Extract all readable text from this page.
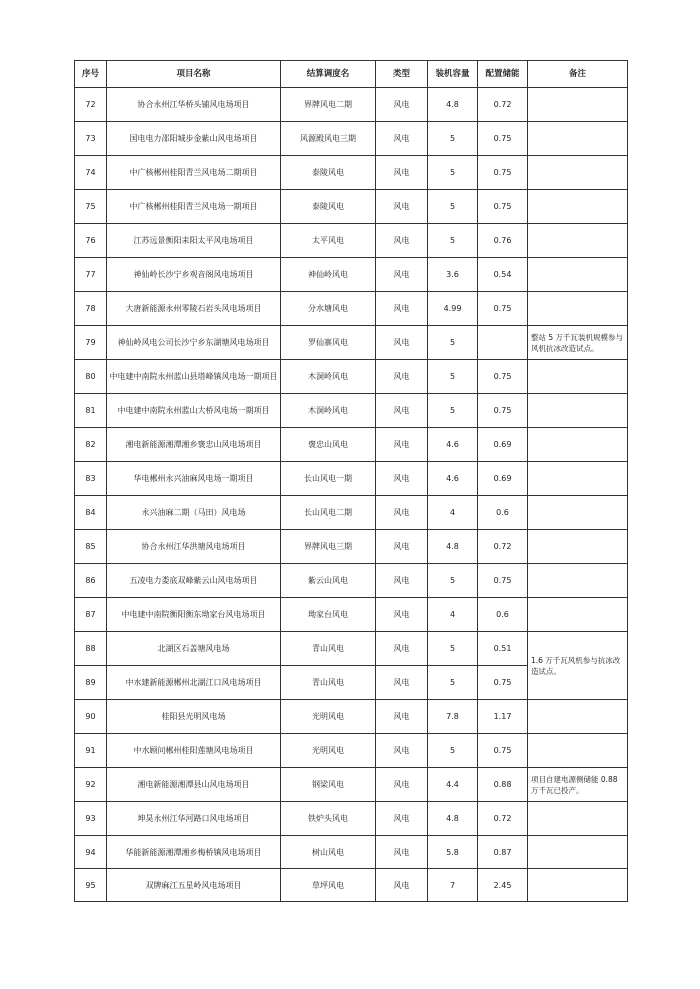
序号	项目名称	结算调度名	类型	装机容量	配置储能	备注
72	协合永州江华桥头铺风电场项目	界牌风电二期	风电	4.8	0.72	
73	国电电力邵阳城步金紫山风电场项目	风源殿风电三期	风电	5	0.75	
74	中广核郴州桂阳青兰风电场二期项目	泰陵风电	风电	5	0.75	
75	中广核郴州桂阳青兰风电场一期项目	泰陵风电	风电	5	0.75	
76	江苏远景衡阳耒阳太平风电场项目	太平风电	风电	5	0.76	
77	神仙岭长沙宁乡观音阁风电场项目	神仙岭风电	风电	3.6	0.54	
78	大唐新能源永州零陵石岩头风电场项目	分水塘风电	风电	4.99	0.75	
79	神仙岭风电公司长沙宁乡东湖塘风电场项目	罗仙寨风电	风电	5		整站 5 万千瓦装机规模参与风机抗冰改造试点。
80	中电建中南院永州蓝山县塔峰镇风电场一期项目	木洞岭风电	风电	5	0.75	
81	中电建中南院永州蓝山大桥风电场一期项目	木洞岭风电	风电	5	0.75	
82	湘电新能源湘潭湘乡褒忠山风电场项目	褒忠山风电	风电	4.6	0.69	
83	华电郴州永兴油麻风电场一期项目	长山风电一期	风电	4.6	0.69	
84	永兴油麻二期（马田）风电场	长山风电二期	风电	4	0.6	
85	协合永州江华洪塘风电场项目	界牌风电三期	风电	4.8	0.72	
86	五凌电力娄底双峰紫云山风电场项目	紫云山风电	风电	5	0.75	
87	中电建中南院衡阳衡东坳家台风电场项目	坳家台风电	风电	4	0.6	
88	北湖区石盖塘风电场	青山风电	风电	5	0.51	1.6 万千瓦风机参与抗冰改造试点。
89	中水建新能源郴州北湖江口风电场项目	青山风电	风电	5	0.75	
90	桂阳县光明风电场	光明风电	风电	7.8	1.17	
91	中水顾问郴州桂阳莲塘风电场项目	光明风电	风电	5	0.75	
92	湘电新能源湘潭县山风电场项目	钢梁风电	风电	4.4	0.88	项目自建电源侧储能 0.88 万千瓦已投产。
93	坤昊永州江华河路口风电场项目	铁炉头风电	风电	4.8	0.72	
94	华能新能源湘潭湘乡梅桥镇风电场项目	树山风电	风电	5.8	0.87	
95	双牌麻江五星岭风电场项目	草坪风电	风电	7	2.45	
